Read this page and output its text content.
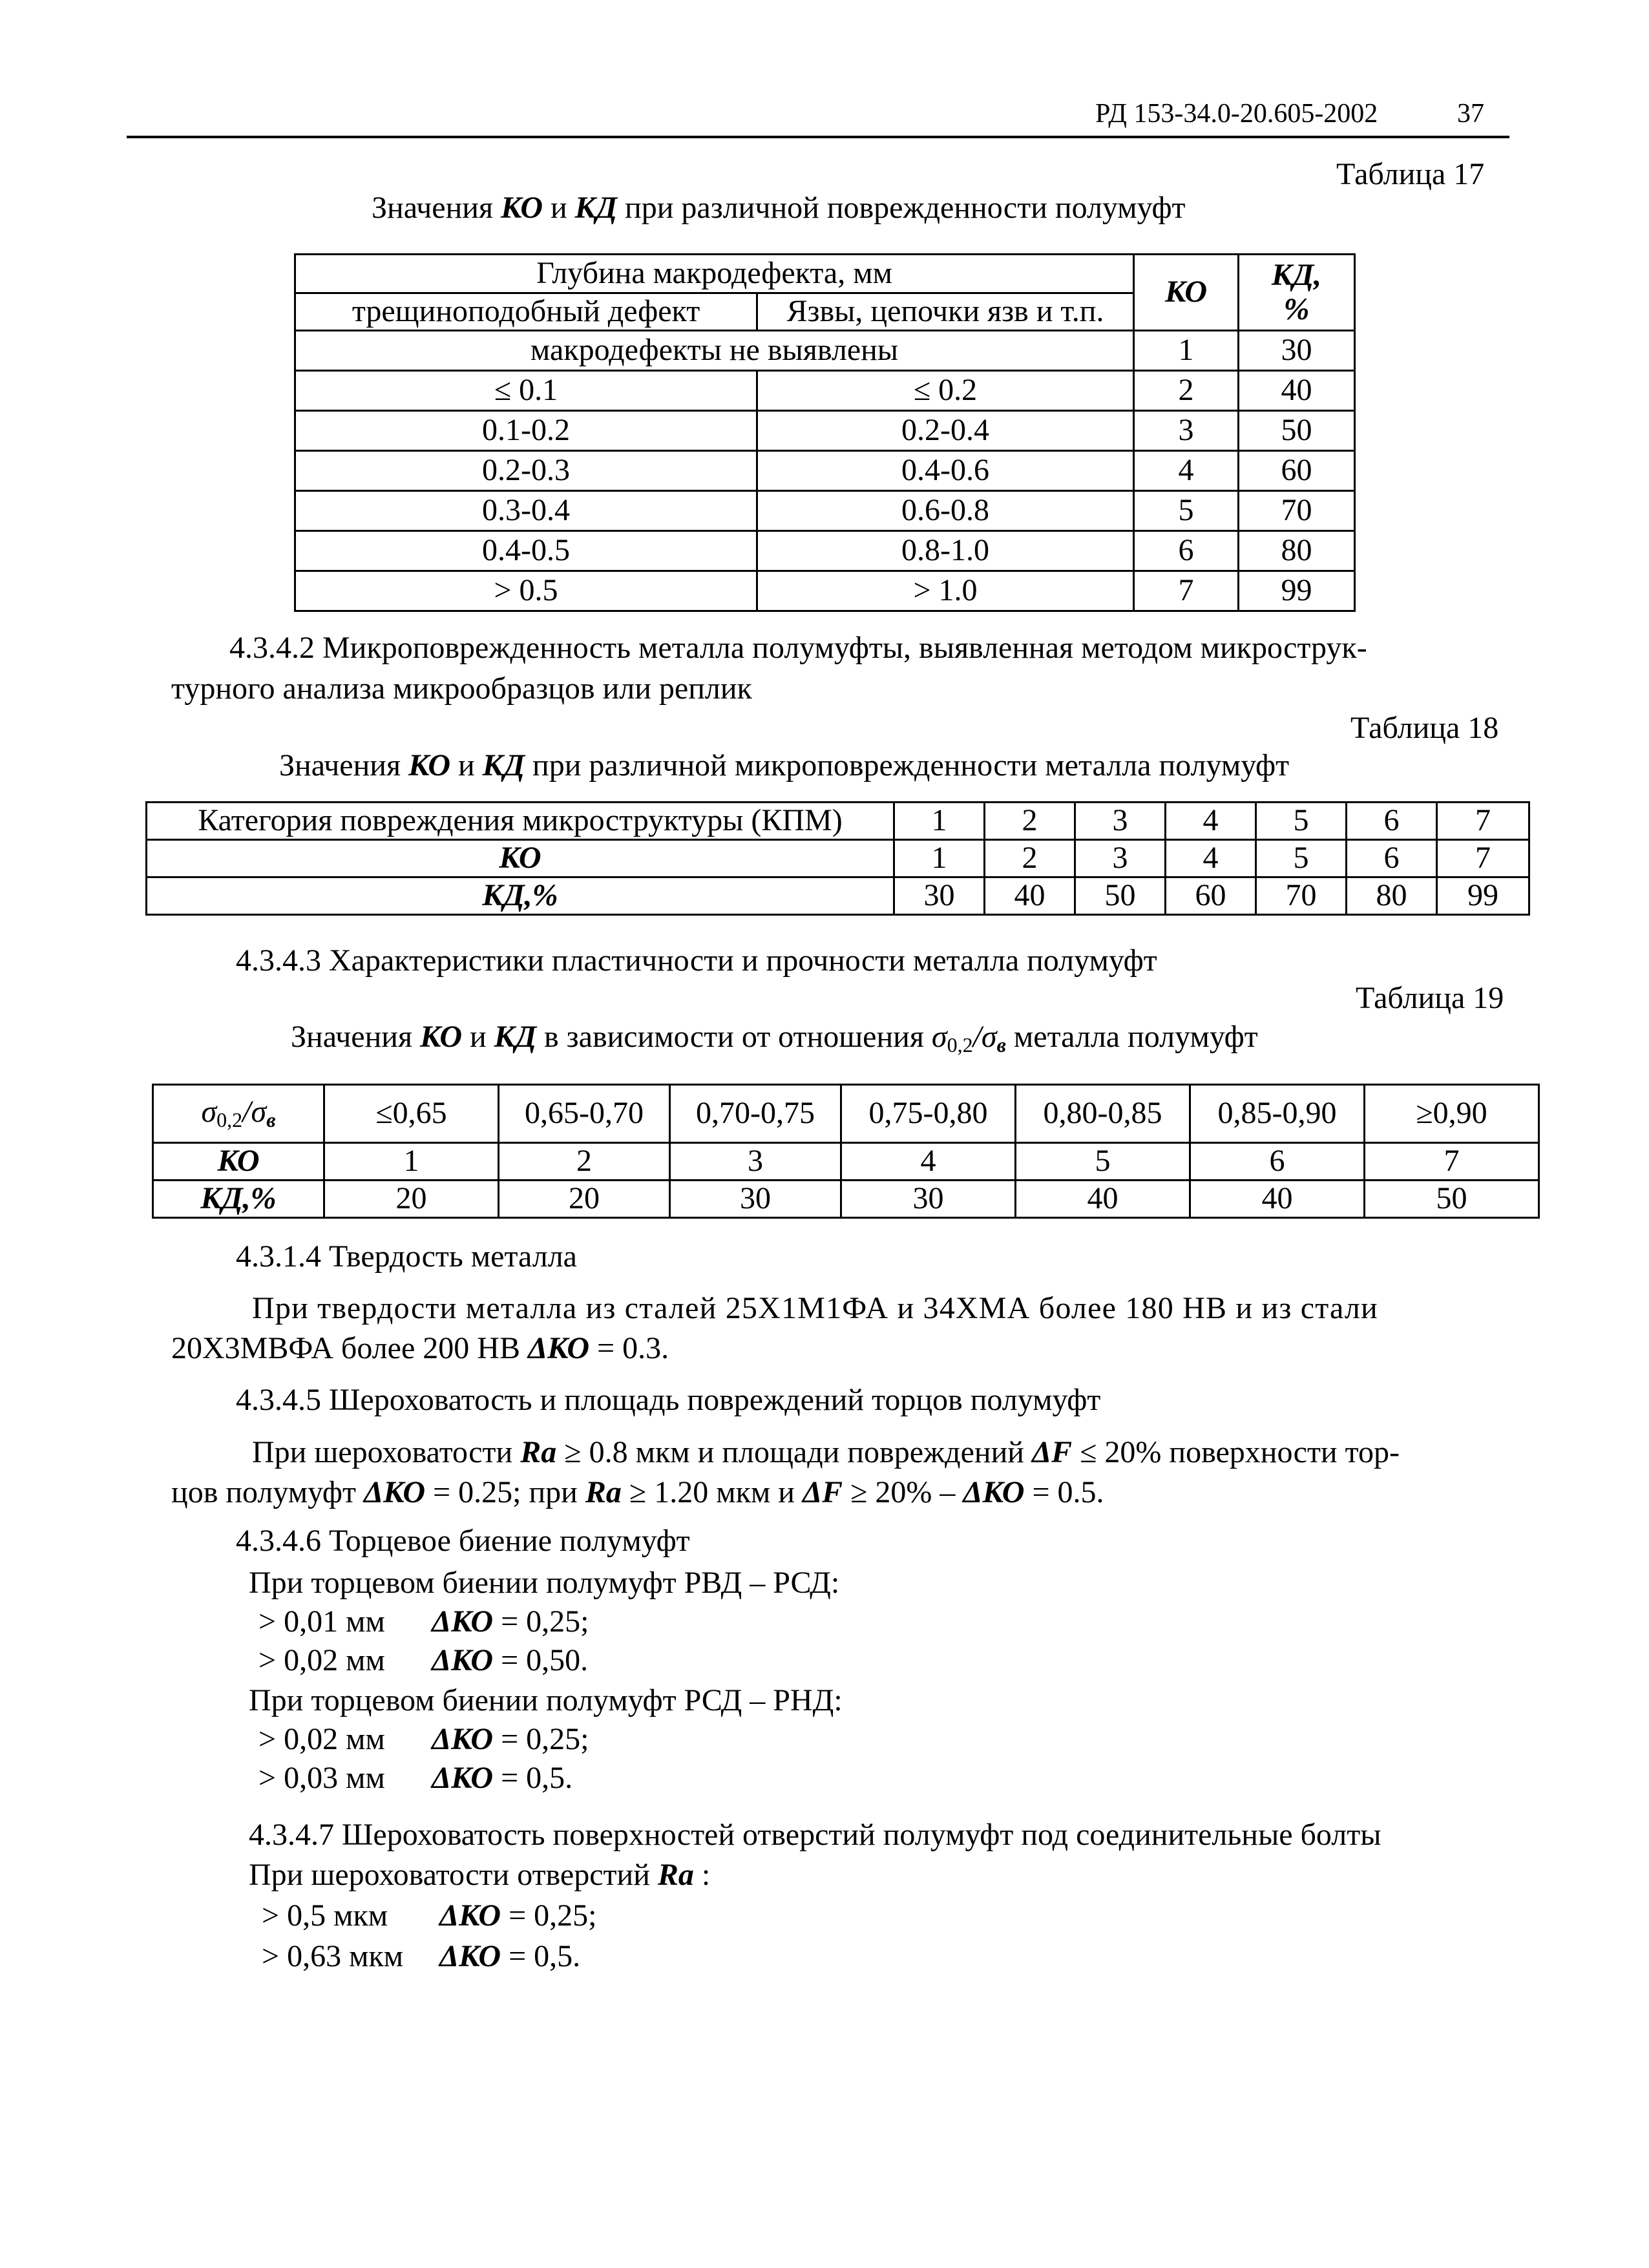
РД 153-34.0-20.605-2002	37
Таблица 17
Значения КО и КД при различной поврежденности полумуфт
Глубина макродефекта, мм		КО	КД,
%

трещиноподобный дефект	Язвы, цепочки язв и т.п.		
макродефекты не выявлены		1	30
≤ 0.1	≤ 0.2	2	40
0.1-0.2	0.2-0.4	3	50
0.2-0.3	0.4-0.6	4	60
0.3-0.4	0.6-0.8	5	70
0.4-0.5	0.8-1.0	6	80
> 0.5	> 1.0	7	99
4.3.4.2 Микроповрежденность металла полумуфты, выявленная методом микрострук-
турного анализа микрообразцов или реплик
Таблица 18
Значения КО и КД при различной микроповрежденности металла полумуфт
Категория повреждения микроструктуры (КПМ)	1	2	3	4	5	6	7
КО	1	2	3	4	5	6	7
КД,%	30	40	50	60	70	80	99
4.3.4.3 Характеристики пластичности и прочности металла полумуфт
Таблица 19
Значения КО и КД в зависимости от отношения $\sigma_{0,2}/\sigma_в$ металла полумуфт
$\sigma_{0,2}/\sigma_в$	≤0,65	0,65-0,70	0,70-0,75	0,75-0,80	0,80-0,85	0,85-0,90	≥0,90
КО	1	2	3	4	5	6	7
КД,%	20	20	30	30	40	40	50
4.3.1.4 Твердость металла
При твердости металла из сталей 25Х1М1ФА и 34ХМА более 180 НВ и из стали
20Х3МВФА более 200 НВ ΔКО = 0.3.
4.3.4.5 Шероховатость и площадь повреждений торцов полумуфт
При шероховатости Ra ≥ 0.8 мкм и площади повреждений ΔF ≤ 20% поверхности тор-
цов полумуфт ΔКО = 0.25; при Ra ≥ 1.20 мкм и ΔF ≥ 20% – ΔКО = 0.5.
4.3.4.6 Торцевое биение полумуфт
При торцевом биении полумуфт РВД – РСД:
> 0,01 мм ΔКО = 0,25;
> 0,02 мм ΔКО = 0,50.
При торцевом биении полумуфт РСД – РНД:
> 0,02 мм ΔКО = 0,25;
> 0,03 мм ΔКО = 0,5.
4.3.4.7 Шероховатость поверхностей отверстий полумуфт под соединительные болты
При шероховатости отверстий Ra :
> 0,5 мкм ΔКО = 0,25;
> 0,63 мкм ΔКО = 0,5.
